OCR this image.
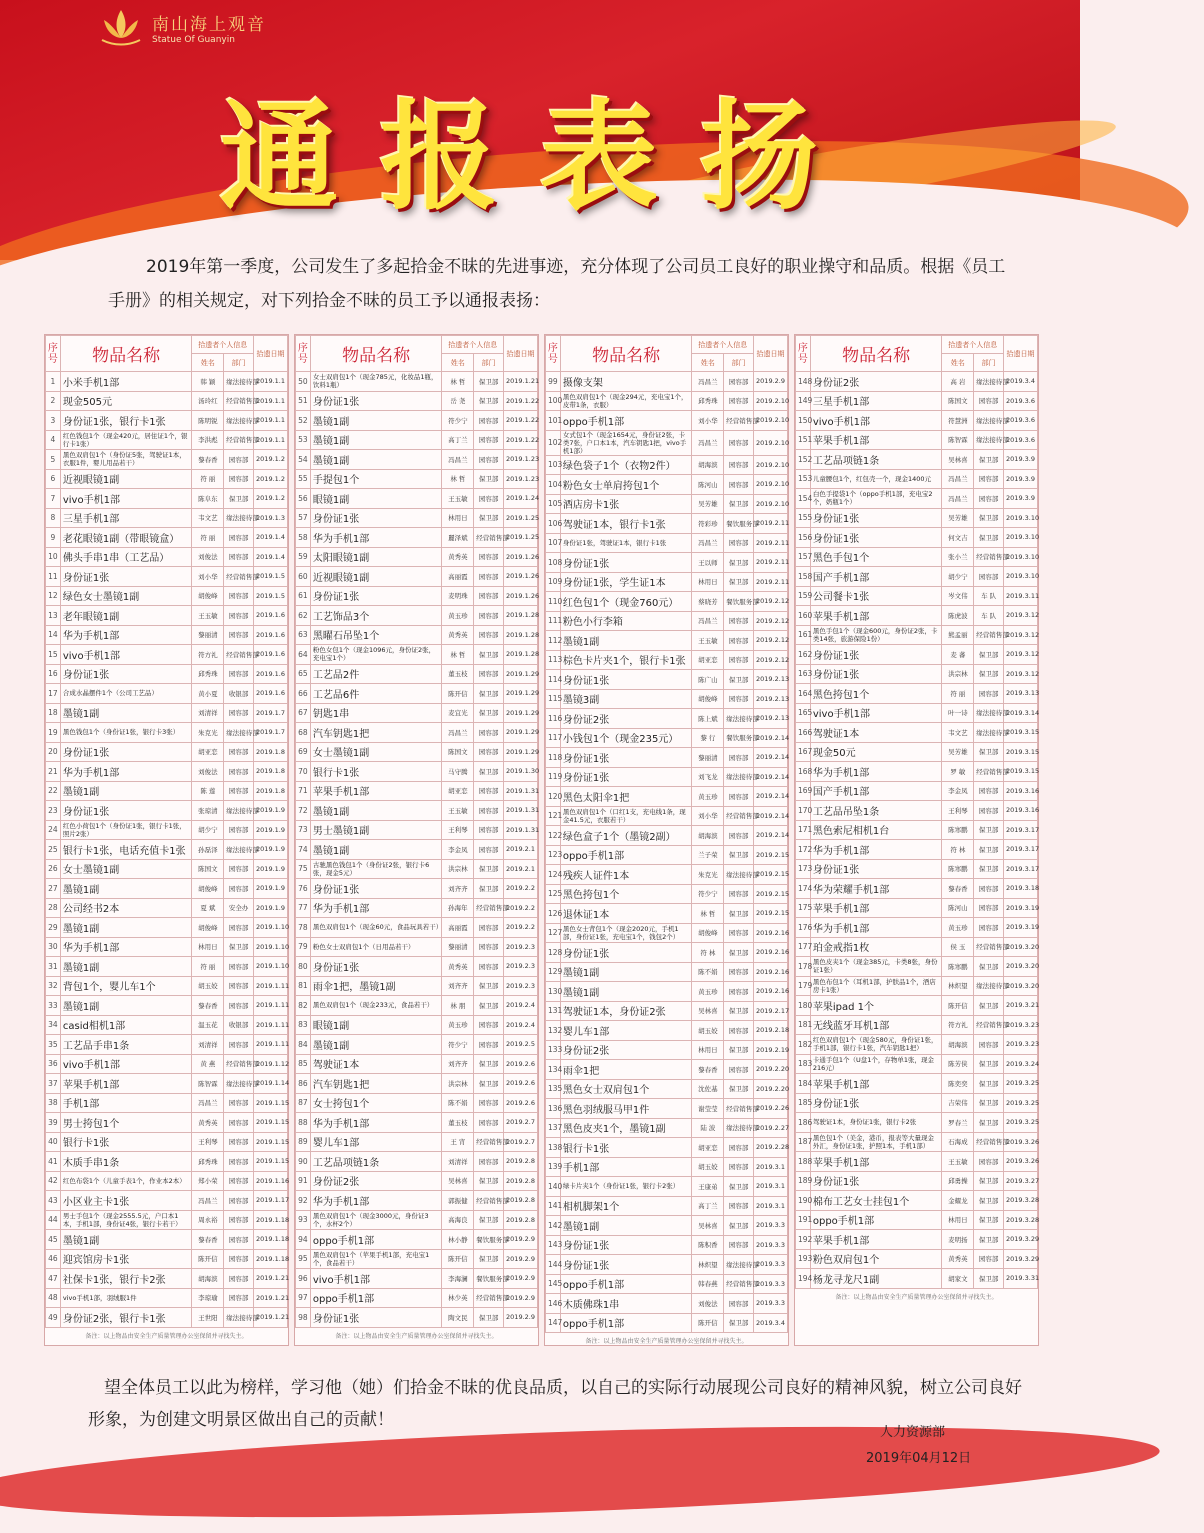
南山海上观音
Statue Of Guanyin
通报表扬
2019年第一季度，公司发生了多起拾金不昧的先进事迹，充分体现了公司员工良好的职业操守和品质。根据《员工手册》的相关规定，对下列拾金不昧的员工予以通报表扬：
序号	物品名称	拾遗者个人信息		拾遗日期
		姓名	部门	
1	小米手机1部	韩 颖	缘法接待部	2019.1.1
2	现金505元	汤玲红	经营销售部	2019.1.1
3	身份证1张，银行卡1张	陈明锐	缘法接待部	2019.1.1
4	红色钱包1个（现金420元，居住证1个，银行卡1张）	李洪彪	经营销售部	2019.1.1
5	黑色双肩包1个（身份证5张，驾驶证1本，衣服1件，婴儿用品若干）	黎春香	园容部	2019.1.2
6	近视眼镜1副	符 丽	园容部	2019.1.2
7	vivo手机1部	陈阜东	保卫部	2019.1.2
8	三星手机1部	韦文艺	缘法接待部	2019.1.3
9	老花眼镜1副（带眼镜盒）	符 丽	园容部	2019.1.4
10	佛头手串1串（工艺品）	刘俊法	园容部	2019.1.4
11	身份证1张	刘小华	经营销售部	2019.1.5
12	绿色女士墨镜1副	胡俊峰	园容部	2019.1.5
13	老年眼镜1副	王玉敏	园容部	2019.1.6
14	华为手机1部	黎丽清	园容部	2019.1.6
15	vivo手机1部	符方礼	经营销售部	2019.1.6
16	身份证1张	邱秀珠	园容部	2019.1.6
17	合成水晶摆件1个（公司工艺品）	黄小夏	收银部	2019.1.6
18	墨镜1副	刘清祥	园容部	2019.1.7
19	黑色钱包1个（身份证1张，银行卡3张）	朱克光	缘法接待部	2019.1.7
20	身份证1张	胡亚恋	园容部	2019.1.8
21	华为手机1部	刘俊法	园容部	2019.1.8
22	墨镜1副	陈 莲	园容部	2019.1.8
23	身份证1张	张琼清	缘法接待部	2019.1.9
24	红色小荷包1个（身份证1张，银行卡1张，照片2张）	胡少宁	园容部	2019.1.9
25	银行卡1张，电话充值卡1张	孙磊泽	缘法接待部	2019.1.9
26	女士墨镜1副	陈国文	园容部	2019.1.9
27	墨镜1副	胡俊峰	园容部	2019.1.9
28	公司经书2本	夏 斌	安全办	2019.1.9
29	墨镜1副	胡俊峰	园容部	2019.1.10
30	华为手机1部	林用日	保卫部	2019.1.10
31	墨镜1副	符 丽	园容部	2019.1.10
32	背包1个，婴儿车1个	胡玉姣	园容部	2019.1.11
33	墨镜1副	黎春香	园容部	2019.1.11
34	casid相机1部	温玉花	收银部	2019.1.11
35	工艺品手串1条	刘清祥	园容部	2019.1.11
36	vivo手机1部	黄 燕	经营销售部	2019.1.12
37	苹果手机1部	陈智霖	缘法接待部	2019.1.14
38	手机1部	冯昌兰	园容部	2019.1.15
39	男士挎包1个	黄秀英	园容部	2019.1.15
40	银行卡1张	王利琴	园容部	2019.1.15
41	木质手串1条	邱秀珠	园容部	2019.1.15
42	红色布袋1个（儿童手表1个，作业本2本）	郑小荣	园容部	2019.1.16
43	小区业主卡1张	冯昌兰	园容部	2019.1.17
44	男士手包1个（现金2555.5元，户口本1本，手机1部，身份证4张，银行卡若干）	周永裕	园容部	2019.1.18
45	墨镜1副	黎春香	园容部	2019.1.18
46	迎宾馆房卡1张	陈开信	园容部	2019.1.18
47	社保卡1张，银行卡2张	胡海滨	园容部	2019.1.21
48	vivo手机1部，羽绒服1件	李琼瑜	园容部	2019.1.21
49	身份证2张，银行卡1张	王世阳	缘法接待部	2019.1.21
备注：以上物品由安全生产质量管理办公室保留并寻找失主。
序号	物品名称	拾遗者个人信息		拾遗日期
		姓名	部门	
50	女士双肩包1个（现金785元，化妆品1瓶，饮料1瓶）	林 哲	保卫部	2019.1.21
51	身份证1张	岳 尧	保卫部	2019.1.22
52	墨镜1副	符少宁	园容部	2019.1.22
53	墨镜1副	高丁兰	园容部	2019.1.22
54	墨镜1副	冯昌兰	园容部	2019.1.23
55	手提包1个	林 哲	保卫部	2019.1.23
56	眼镜1副	王玉敏	园容部	2019.1.24
57	身份证1张	林用日	保卫部	2019.1.25
58	华为手机1部	麗泽斌	经营销售部	2019.1.25
59	太阳眼镜1副	黄秀英	园容部	2019.1.26
60	近视眼镜1副	高丽霞	园容部	2019.1.26
61	身份证1张	麦明珠	园容部	2019.1.26
62	工艺饰品3个	黄玉珍	园容部	2019.1.28
63	黑曜石吊坠1个	黄秀英	园容部	2019.1.28
64	粉色女包1个（现金1096元，身份证2张，充电宝1个）	林 哲	保卫部	2019.1.28
65	工艺品2件	董玉枝	园容部	2019.1.29
66	工艺品6件	陈开信	保卫部	2019.1.29
67	钥匙1串	麦宜光	保卫部	2019.1.29
68	汽车钥匙1把	冯昌兰	园容部	2019.1.29
69	女士墨镜1副	陈国文	园容部	2019.1.29
70	银行卡1张	马守腾	保卫部	2019.1.30
71	苹果手机1部	胡亚恋	园容部	2019.1.31
72	墨镜1副	王玉敏	园容部	2019.1.31
73	男士墨镜1副	王利琴	园容部	2019.1.31
74	墨镜1副	李金凤	园容部	2019.2.1
75	古驰黑色钱包1个（身份证2张，银行卡6张，现金5元）	洪宗林	保卫部	2019.2.1
76	身份证1张	刘齐齐	保卫部	2019.2.2
77	华为手机1部	孙海年	经营销售部	2019.2.2
78	黑色双肩包1个（现金60元，食品玩具若干）	高丽霞	园容部	2019.2.2
79	粉色女士双肩包1个（日用品若干）	黎丽清	园容部	2019.2.3
80	身份证1张	黄秀英	园容部	2019.2.3
81	雨伞1把，墨镜1副	刘齐齐	保卫部	2019.2.3
82	黑色双肩包1个（现金233元，食品若干）	林 朋	保卫部	2019.2.4
83	眼镜1副	黄玉珍	园容部	2019.2.4
84	墨镜1副	符少宁	园容部	2019.2.5
85	驾驶证1本	刘齐齐	保卫部	2019.2.6
86	汽车钥匙1把	洪宗林	保卫部	2019.2.6
87	女士挎包1个	陈不娟	园容部	2019.2.6
88	华为手机1部	董玉枝	园容部	2019.2.7
89	婴儿车1部	王 宵	经营销售部	2019.2.7
90	工艺品项链1条	刘清祥	园容部	2019.2.8
91	身份证2张	吴林喜	保卫部	2019.2.8
92	华为手机1部	郭振健	经营销售部	2019.2.8
93	黑色双肩包1个（现金3000元，身份证3个，水杯2个）	高海良	保卫部	2019.2.8
94	oppo手机1部	林小静	餐饮服务部	2019.2.9
95	黑色双肩包1个（苹果手机1部，充电宝1个，食品若干）	陈开信	保卫部	2019.2.9
96	vivo手机1部	李海澜	餐饮服务部	2019.2.9
97	oppo手机1部	林少英	经营销售部	2019.2.9
98	身份证1张	陶文民	保卫部	2019.2.9
备注：以上物品由安全生产质量管理办公室保留并寻找失主。
序号	物品名称	拾遗者个人信息		拾遗日期
		姓名	部门	
99	摄像支架	冯昌兰	园容部	2019.2.9
100	黑色双肩包1个（现金294元，充电宝1个，皮带1条，衣服）	邱秀珠	园容部	2019.2.10
101	oppo手机1部	刘小华	经营销售部	2019.2.10
102	女式包1个（现金1654元，身份证2张，卡类7张，户口本1本，汽车钥匙1把，vivo手机1部）	冯昌兰	园容部	2019.2.10
103	绿色袋子1个（衣物2件）	胡海滨	园容部	2019.2.10
104	粉色女士单肩挎包1个	陈河山	园容部	2019.2.10
105	酒店房卡1张	吴芳雄	保卫部	2019.2.10
106	驾驶证1本，银行卡1张	符彩珍	餐饮服务部	2019.2.11
107	身份证1张，驾驶证1本，银行卡1张	冯昌兰	园容部	2019.2.11
108	身份证1张	王以师	保卫部	2019.2.11
109	身份证1张，学生证1本	林用日	保卫部	2019.2.11
110	红色包1个（现金760元）	蔡晓芳	餐饮服务部	2019.2.12
111	粉色小行李箱	冯昌兰	园容部	2019.2.12
112	墨镜1副	王玉敏	园容部	2019.2.12
113	棕色卡片夹1个，银行卡1张	胡亚恋	园容部	2019.2.12
114	身份证1张	陈广山	保卫部	2019.2.13
115	墨镜3副	胡俊峰	园容部	2019.2.13
116	身份证2张	陈上斌	缘法接待部	2019.2.13
117	小钱包1个（现金235元）	黎 行	餐饮服务部	2019.2.14
118	身份证1张	黎丽清	园容部	2019.2.14
119	身份证1张	刘飞龙	缘法接待部	2019.2.14
120	黑色太阳伞1把	黄玉珍	园容部	2019.2.14
121	黑色双肩包1个（口红1支，充电线1条，现金41.5元，衣服若干）	刘小华	经营销售部	2019.2.14
122	绿色盒子1个（墨镜2副）	胡海滨	园容部	2019.2.14
123	oppo手机1部	兰子荣	保卫部	2019.2.15
124	残疾人证件1本	朱克光	缘法接待部	2019.2.15
125	黑色挎包1个	符少宁	园容部	2019.2.15
126	退休证1本	林 哲	保卫部	2019.2.15
127	黑色女士背包1个（现金2020元，手机1部，身份证1张，充电宝1个，钱包2个）	胡俊峰	园容部	2019.2.16
128	身份证1张	符 林	保卫部	2019.2.16
129	墨镜1副	陈不娟	园容部	2019.2.16
130	墨镜1副	黄玉珍	园容部	2019.2.16
131	驾驶证1本，身份证2张	吴林喜	保卫部	2019.2.17
132	婴儿车1部	胡玉姣	园容部	2019.2.18
133	身份证2张	林用日	保卫部	2019.2.19
134	雨伞1把	黎春香	园容部	2019.2.20
135	黑色女士双肩包1个	沈佐基	保卫部	2019.2.20
136	黑色羽绒服马甲1件	谢莹莹	经营销售部	2019.2.26
137	黑色皮夹1个，墨镜1副	陆 波	缘法接待部	2019.2.27
138	银行卡1张	胡亚恋	园容部	2019.2.28
139	手机1部	胡玉姣	园容部	2019.3.1
140	绿卡片夹1个（身份证1张，银行卡2张）	王康弟	保卫部	2019.3.1
141	相机脚架1个	高丁兰	园容部	2019.3.1
142	墨镜1副	吴林喜	保卫部	2019.3.3
143	身份证1张	陈积香	园容部	2019.3.3
144	身份证1张	林炽望	缘法接待部	2019.3.3
145	oppo手机1部	韩春燕	经营销售部	2019.3.3
146	木质佛珠1串	刘俊法	园容部	2019.3.3
147	oppo手机1部	陈开信	保卫部	2019.3.4
备注：以上物品由安全生产质量管理办公室保留并寻找失主。
序号	物品名称	拾遗者个人信息		拾遗日期
		姓名	部门	
148	身份证2张	高 岩	缘法接待部	2019.3.4
149	三星手机1部	陈国文	园容部	2019.3.6
150	vivo手机1部	符慧洲	缘法接待部	2019.3.6
151	苹果手机1部	陈智霖	缘法接待部	2019.3.6
152	工艺品项链1条	吴林喜	保卫部	2019.3.9
153	儿童腰包1个，红包壳一个，现金1400元	冯昌兰	园容部	2019.3.9
154	白色手提袋1个（oppo手机1部，充电宝2个，奶瓶1个）	冯昌兰	园容部	2019.3.9
155	身份证1张	吴芳雄	保卫部	2019.3.10
156	身份证1张	何文吉	保卫部	2019.3.10
157	黑色手包1个	张小兰	经营销售部	2019.3.10
158	国产手机1部	胡少宁	园容部	2019.3.10
159	公司餐卡1张	岑文伟	车 队	2019.3.11
160	苹果手机1部	陈虎波	车 队	2019.3.12
161	黑色手包1个（现金600元，身份证2张，卡类14张，旅游保险1份）	熊孟丽	经营销售部	2019.3.12
162	身份证1张	麦 蕃	保卫部	2019.3.12
163	身份证1张	洪宗林	保卫部	2019.3.12
164	黑色挎包1个	符 丽	园容部	2019.3.13
165	vivo手机1部	叶一诗	缘法接待部	2019.3.14
166	驾驶证1本	韦文艺	缘法接待部	2019.3.15
167	现金50元	吴芳雄	保卫部	2019.3.15
168	华为手机1部	罗 敏	经营销售部	2019.3.15
169	国产手机1部	李金凤	园容部	2019.3.16
170	工艺品吊坠1条	王利琴	园容部	2019.3.16
171	黑色索尼相机1台	陈寒鹏	保卫部	2019.3.17
172	华为手机1部	符 林	保卫部	2019.3.17
173	身份证1张	陈寒鹏	保卫部	2019.3.17
174	华为荣耀手机1部	黎春香	园容部	2019.3.18
175	苹果手机1部	陈河山	园容部	2019.3.19
176	华为手机1部	黄玉珍	园容部	2019.3.19
177	珀金戒指1枚	侯 玉	经营销售部	2019.3.20
178	黑色皮夹1个（现金385元，卡类8张，身份证1张）	陈寒鹏	保卫部	2019.3.20
179	黑色布包1个（耳机1部，护肤品1个，酒店房卡1张）	林炽望	缘法接待部	2019.3.20
180	苹果ipad 1个	陈开信	保卫部	2019.3.21
181	无线蓝牙耳机1部	符方礼	经营销售部	2019.3.23
182	红色双肩包1个（现金580元，身份证1张，手机1部，银行卡1张，汽车钥匙1把）	胡海滨	园容部	2019.3.23
183	卡通手包1个（U盘1个，存物单1张，现金216元）	陈芳侠	保卫部	2019.3.24
184	苹果手机1部	陈奕奕	保卫部	2019.3.25
185	身份证1张	吉荣伟	保卫部	2019.3.25
186	驾驶证1本，身份证1张，银行卡2张	罗春兰	保卫部	2019.3.25
187	黑色包1个（美金，港币，报表等大量现金外汇，身份证1张，护照1本，手机1部）	石海成	经营销售部	2019.3.26
188	苹果手机1部	王玉敏	园容部	2019.3.26
189	身份证1张	邱勇操	保卫部	2019.3.27
190	棉布工艺女士挂包1个	金耀龙	保卫部	2019.3.28
191	oppo手机1部	林用日	保卫部	2019.3.28
192	苹果手机1部	麦明扬	保卫部	2019.3.29
193	粉色双肩包1个	黄秀英	园容部	2019.3.29
194	杨龙寻龙尺1副	胡家文	保卫部	2019.3.31
备注：以上物品由安全生产质量管理办公室保留并寻找失主。
望全体员工以此为榜样，学习他（她）们拾金不昧的优良品质，以自己的实际行动展现公司良好的精神风貌，树立公司良好形象，为创建文明景区做出自己的贡献！
人力资源部
2019年04月12日
